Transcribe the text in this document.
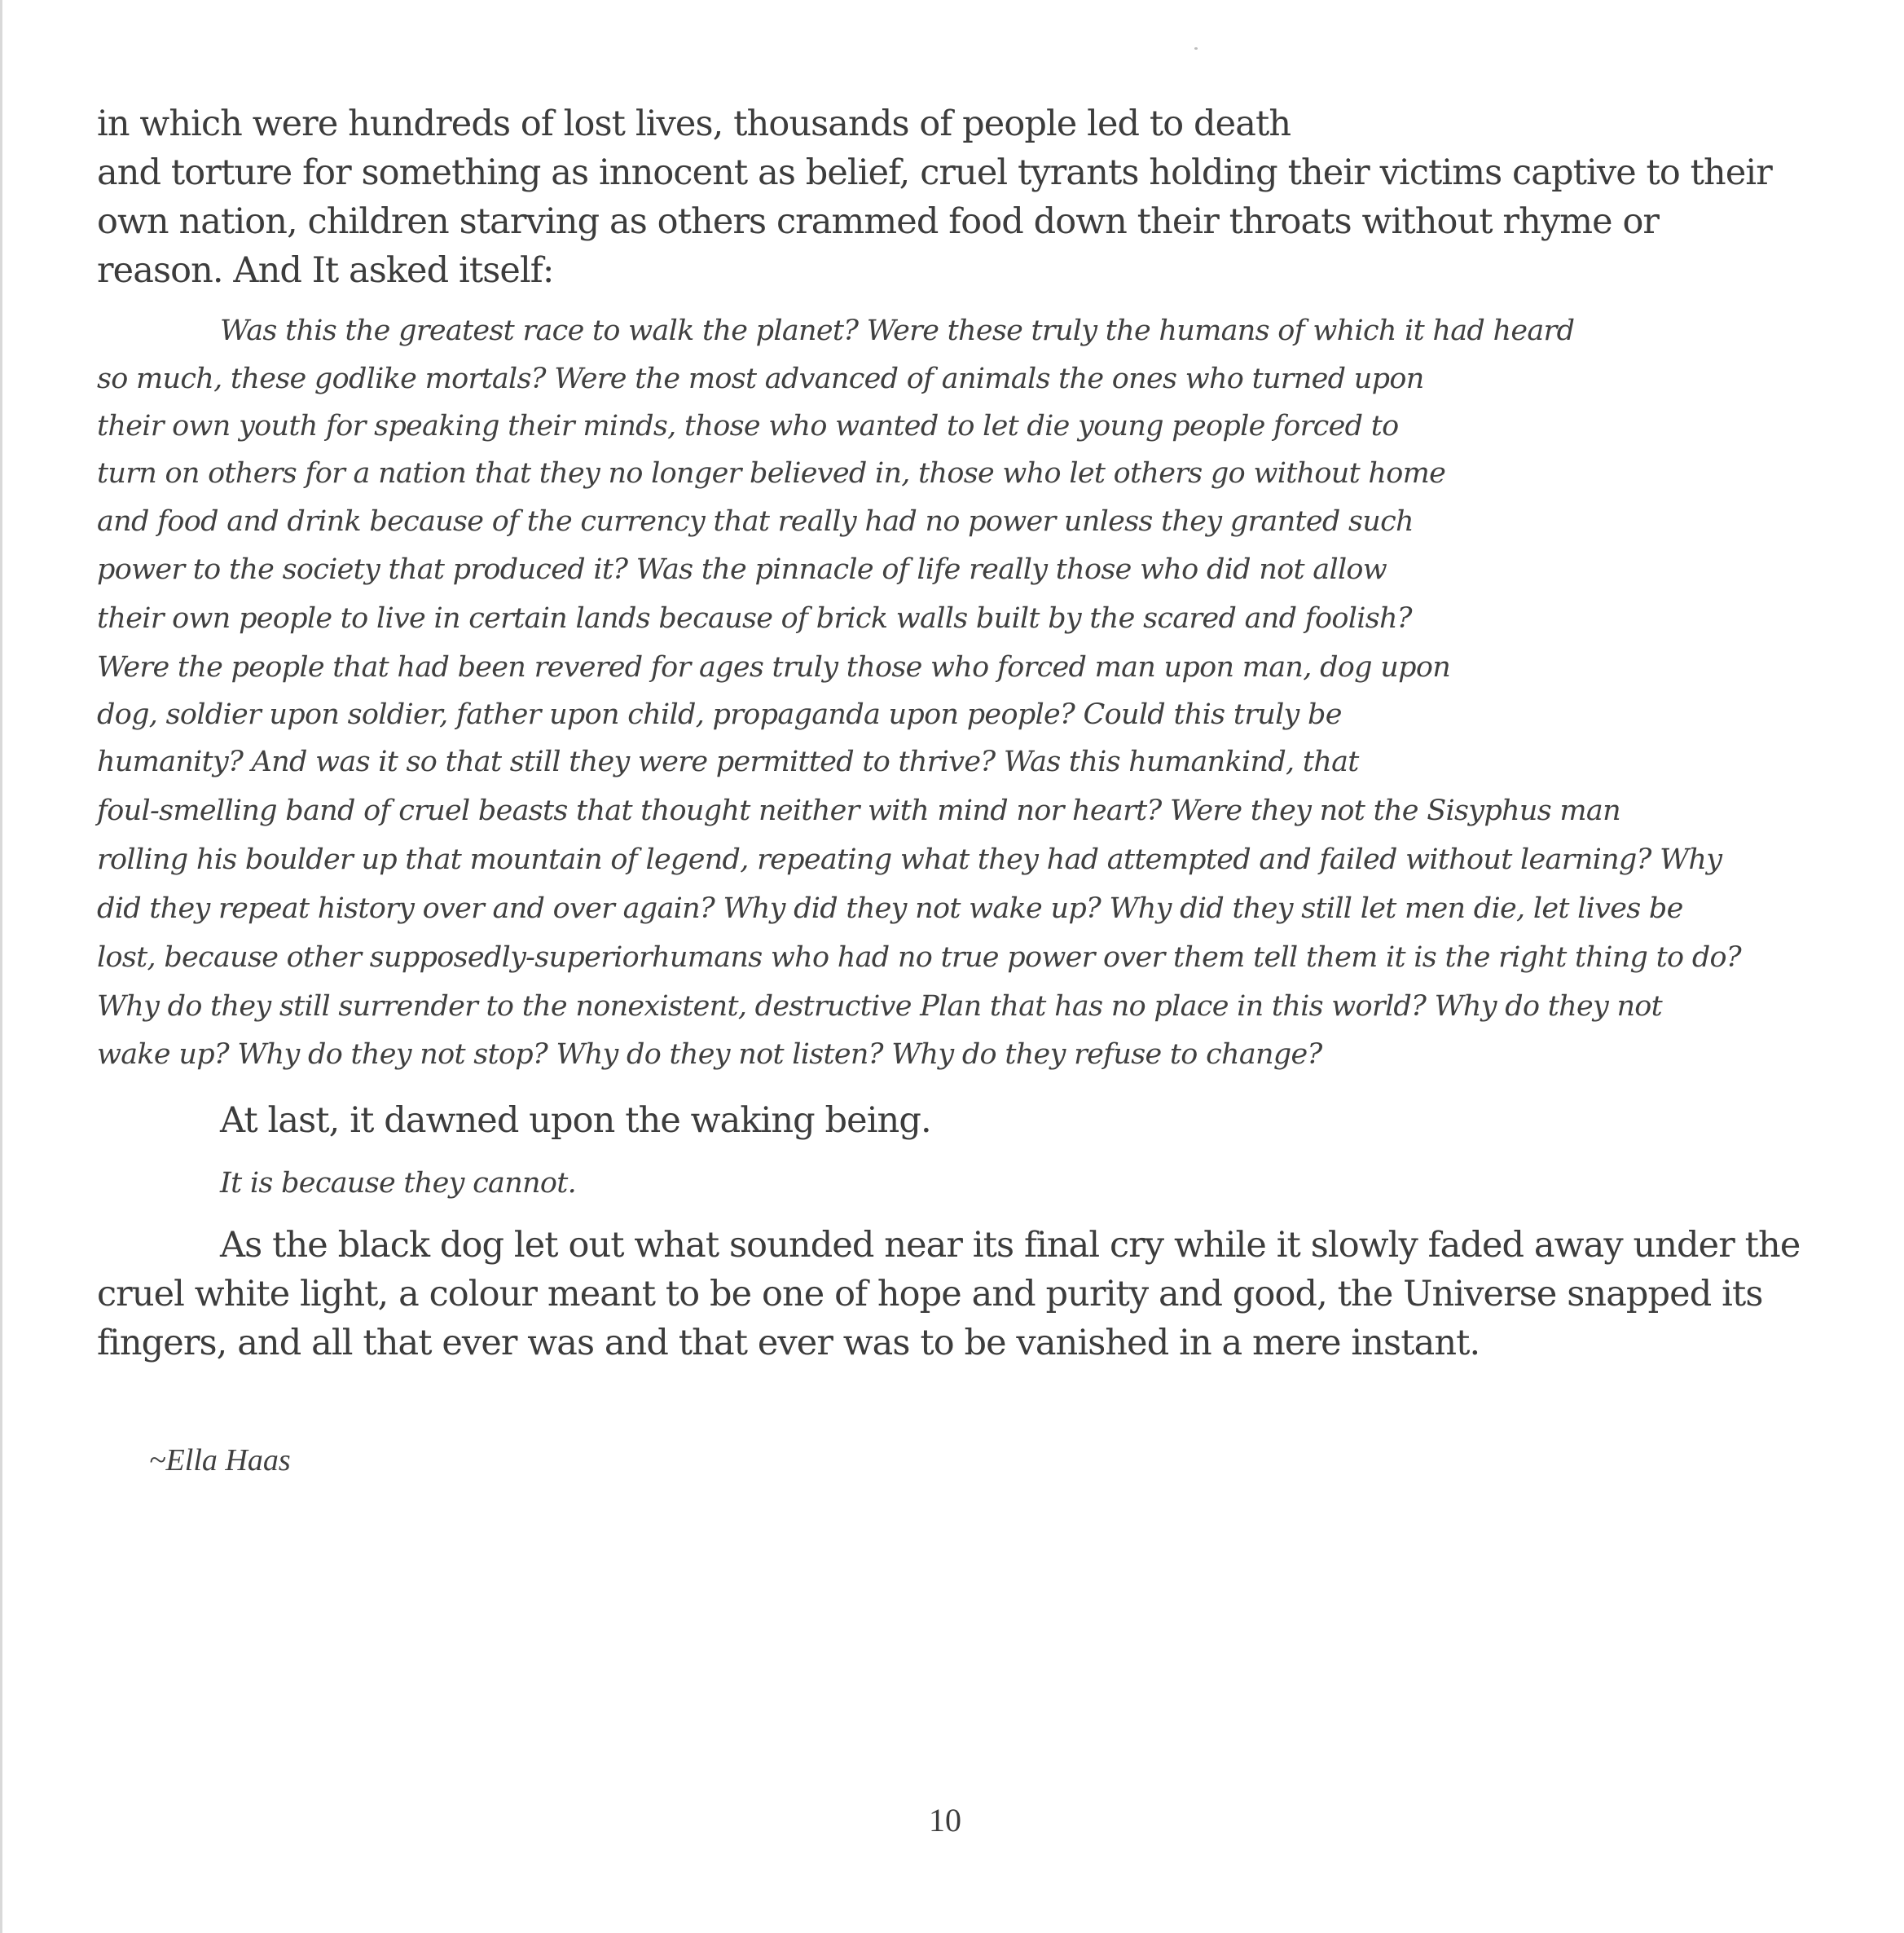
in which were hundreds of lost lives, thousands of people led to death

and torture for something as innocent as belief, cruel tyrants holding their victims captive to their

own nation, children starving as others crammed food down their throats without rhyme or

reason. And It asked itself:

Was this the greatest race to walk the planet? Were these truly the humans of which it had heard

so much, these godlike mortals? Were the most advanced of animals the ones who turned upon

their own youth for speaking their minds, those who wanted to let die young people forced to

turn on others for a nation that they no longer believed in, those who let others go without home

and food and drink because of the currency that really had no power unless they granted such

power to the society that produced it? Was the pinnacle of life really those who did not allow

their own people to live in certain lands because of brick walls built by the scared and foolish?

Were the people that had been revered for ages truly those who forced man upon man, dog upon

dog, soldier upon soldier, father upon child, propaganda upon people? Could this truly be

humanity? And was it so that still they were permitted to thrive? Was this humankind, that

foul-smelling band of cruel beasts that thought neither with mind nor heart? Were they not the Sisyphus man

rolling his boulder up that mountain of legend, repeating what they had attempted and failed without learning? Why

did they repeat history over and over again? Why did they not wake up? Why did they still let men die, let lives be

lost, because other supposedly-superiorhumans who had no true power over them tell them it is the right thing to do?

Why do they still surrender to the nonexistent, destructive Plan that has no place in this world? Why do they not

wake up? Why do they not stop? Why do they not listen? Why do they refuse to change?

At last, it dawned upon the waking being.

It is because they cannot.

As the black dog let out what sounded near its final cry while it slowly faded away under the

cruel white light, a colour meant to be one of hope and purity and good, the Universe snapped its

fingers, and all that ever was and that ever was to be vanished in a mere instant.

~Ella Haas
10
